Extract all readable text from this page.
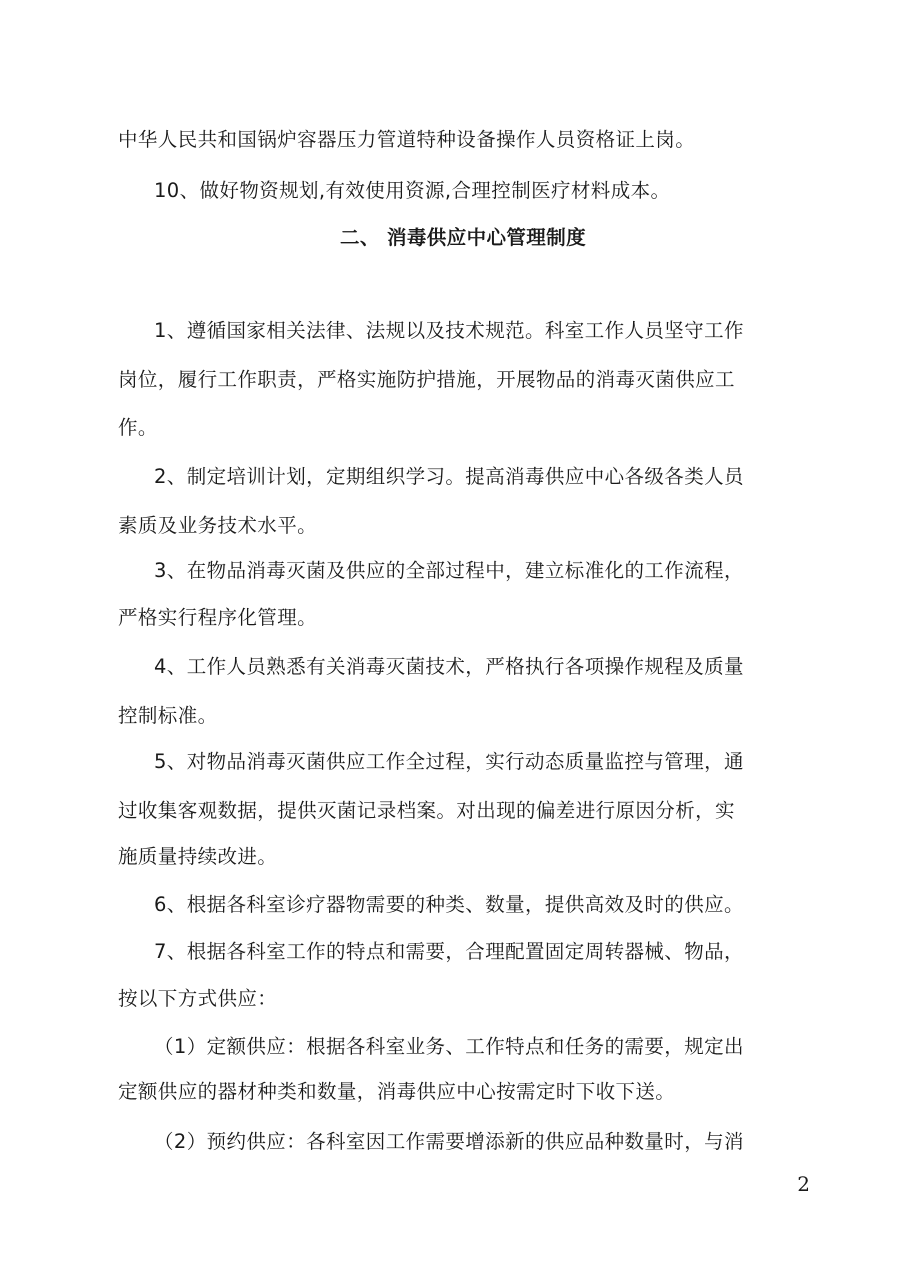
中华人民共和国锅炉容器压力管道特种设备操作人员资格证上岗。
10、做好物资规划,有效使用资源,合理控制医疗材料成本。
二、 消毒供应中心管理制度
1、遵循国家相关法律、法规以及技术规范。科室工作人员坚守工作
岗位，履行工作职责，严格实施防护措施，开展物品的消毒灭菌供应工
作。
2、制定培训计划，定期组织学习。提高消毒供应中心各级各类人员
素质及业务技术水平。
3、在物品消毒灭菌及供应的全部过程中，建立标准化的工作流程，
严格实行程序化管理。
4、工作人员熟悉有关消毒灭菌技术，严格执行各项操作规程及质量
控制标准。
5、对物品消毒灭菌供应工作全过程，实行动态质量监控与管理，通
过收集客观数据，提供灭菌记录档案。对出现的偏差进行原因分析，实
施质量持续改进。
6、根据各科室诊疗器物需要的种类、数量，提供高效及时的供应。
7、根据各科室工作的特点和需要，合理配置固定周转器械、物品，
按以下方式供应：
（1）定额供应：根据各科室业务、工作特点和任务的需要，规定出
定额供应的器材种类和数量，消毒供应中心按需定时下收下送。
（2）预约供应：各科室因工作需要增添新的供应品种数量时，与消
2
